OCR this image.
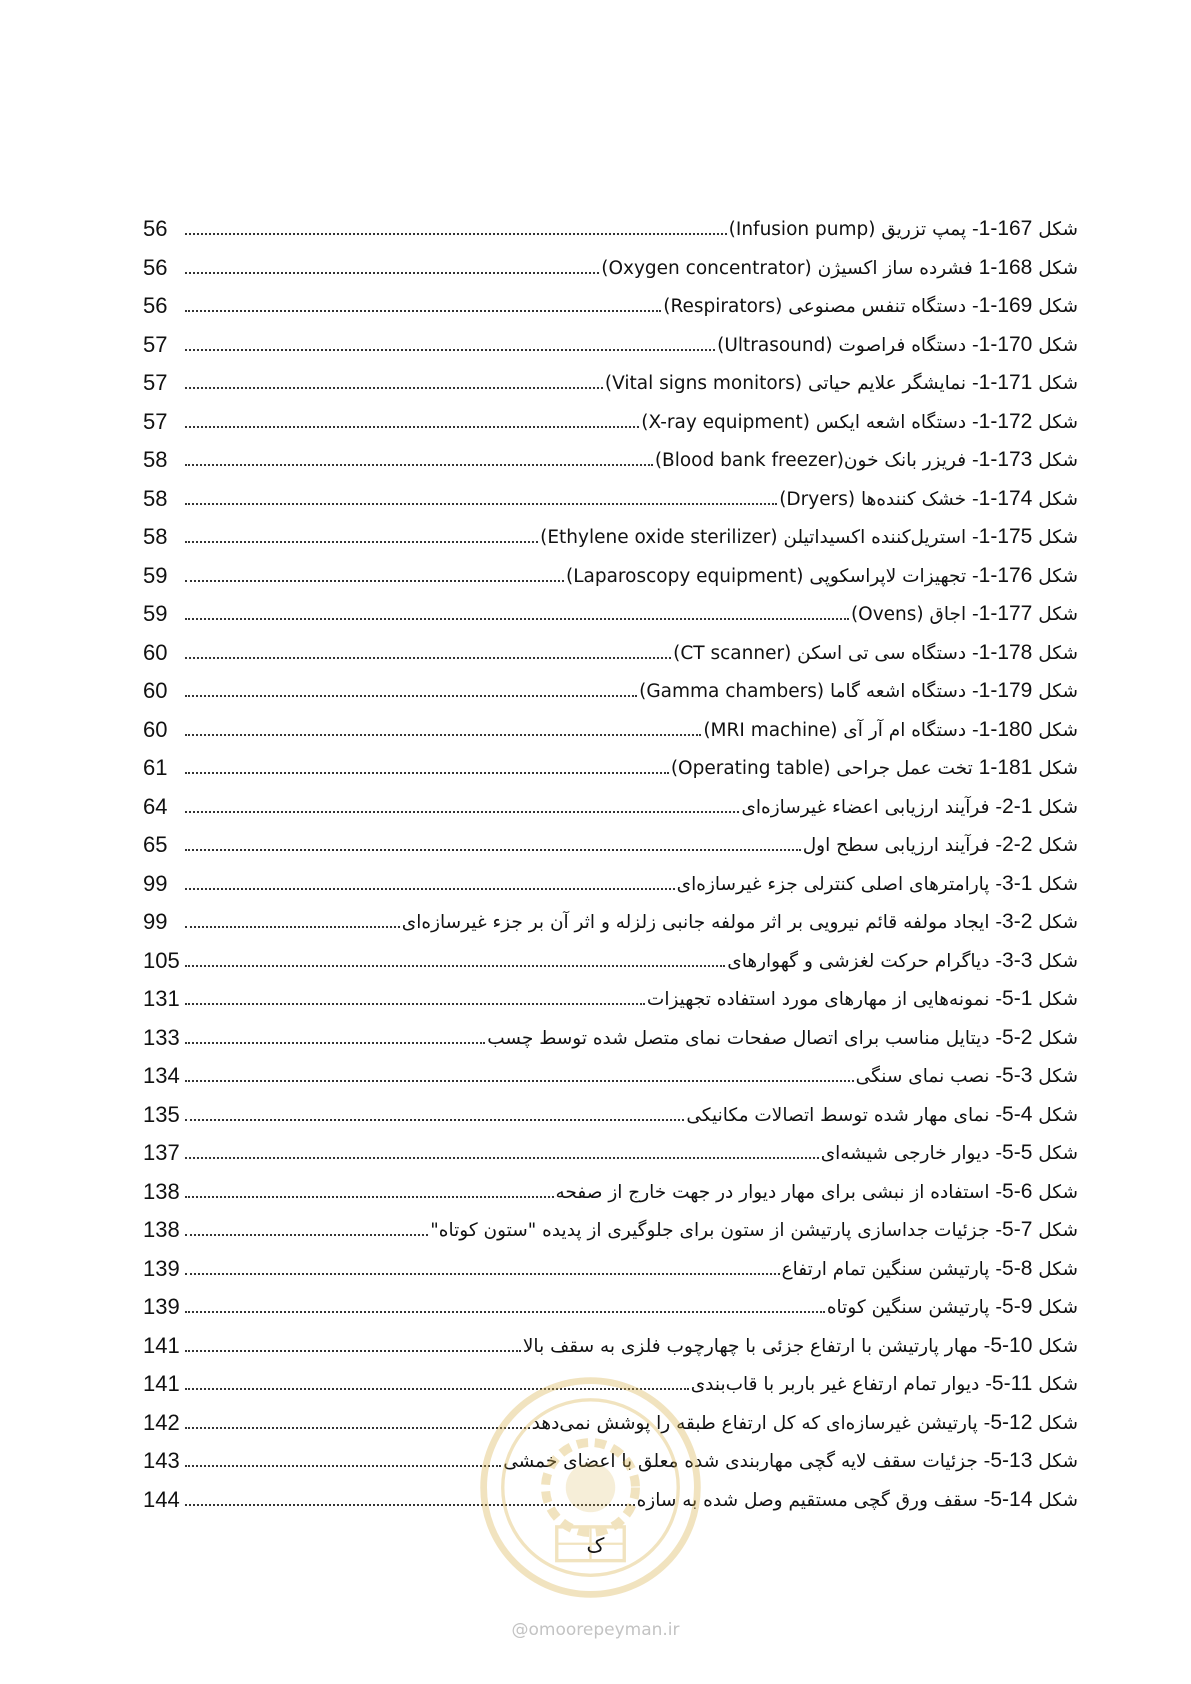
56	شکل 1-167- پمپ تزریق (Infusion pump)
56	شکل 1-168 فشرده ساز اکسیژن (Oxygen concentrator)
56	شکل 1-169- دستگاه تنفس مصنوعی (Respirators)
57	شکل 1-170- دستگاه فراصوت (Ultrasound)
57	شکل 1-171- نمایشگر علایم حیاتی (Vital signs monitors)
57	شکل 1-172- دستگاه اشعه ایکس (X-ray equipment)
58	شکل 1-173- فریزر بانک خون(Blood bank freezer)
58	شکل 1-174- خشک کننده‌ها (Dryers)
58	شکل 1-175- استریل‌کننده اکسیداتیلن (Ethylene oxide sterilizer)
59	شکل 1-176- تجهیزات لاپراسکوپی (Laparoscopy equipment)
59	شکل 1-177- اجاق (Ovens)
60	شکل 1-178- دستگاه سی تی اسکن (CT scanner)
60	شکل 1-179- دستگاه اشعه گاما (Gamma chambers)
60	شکل 1-180- دستگاه ام آر آی (MRI machine)
61	شکل 1-181 تخت عمل جراحی (Operating table)
64	شکل 2-1- فرآیند ارزیابی اعضاء غیرسازه‌ای
65	شکل 2-2- فرآیند ارزیابی سطح اول
99	شکل 3-1- پارامترهای اصلی کنترلی جزء غیرسازه‌ای
99	شکل 3-2- ایجاد مولفه قائم نیرویی بر اثر مولفه جانبی زلزله و اثر آن بر جزء غیرسازه‌ای
105	شکل 3-3- دیاگرام حرکت لغزشی و گهوارهای
131	شکل 5-1- نمونه‌هایی از مهارهای مورد استفاده تجهیزات
133	شکل 5-2- دیتایل مناسب برای اتصال صفحات نمای متصل شده توسط چسب
134	شکل 5-3- نصب نمای سنگی
135	شکل 5-4- نمای مهار شده توسط اتصالات مکانیکی
137	شکل 5-5- دیوار خارجی شیشه‌ای
138	شکل 5-6- استفاده از نبشی برای مهار دیوار در جهت خارج از صفحه
138	شکل 5-7- جزئیات جداسازی پارتیشن از ستون برای جلوگیری از پدیده "ستون کوتاه"
139	شکل 5-8- پارتیشن سنگین تمام ارتفاع
139	شکل 5-9- پارتیشن سنگین کوتاه
141	شکل 5-10- مهار پارتیشن با ارتفاع جزئی با چهارچوب فلزی به سقف بالا
141	شکل 5-11- دیوار تمام ارتفاع غیر باربر با قاب‌بندی
142	شکل 5-12- پارتیشن غیرسازه‌ای که کل ارتفاع طبقه را پوشش نمی‌دهد
143	شکل 5-13- جزئیات سقف لایه گچی مهاربندی شده معلق با اعضای خمشی
144	شکل 5-14- سقف ورق گچی مستقیم وصل شده به سازه
ک
@omoorepeyman.ir
